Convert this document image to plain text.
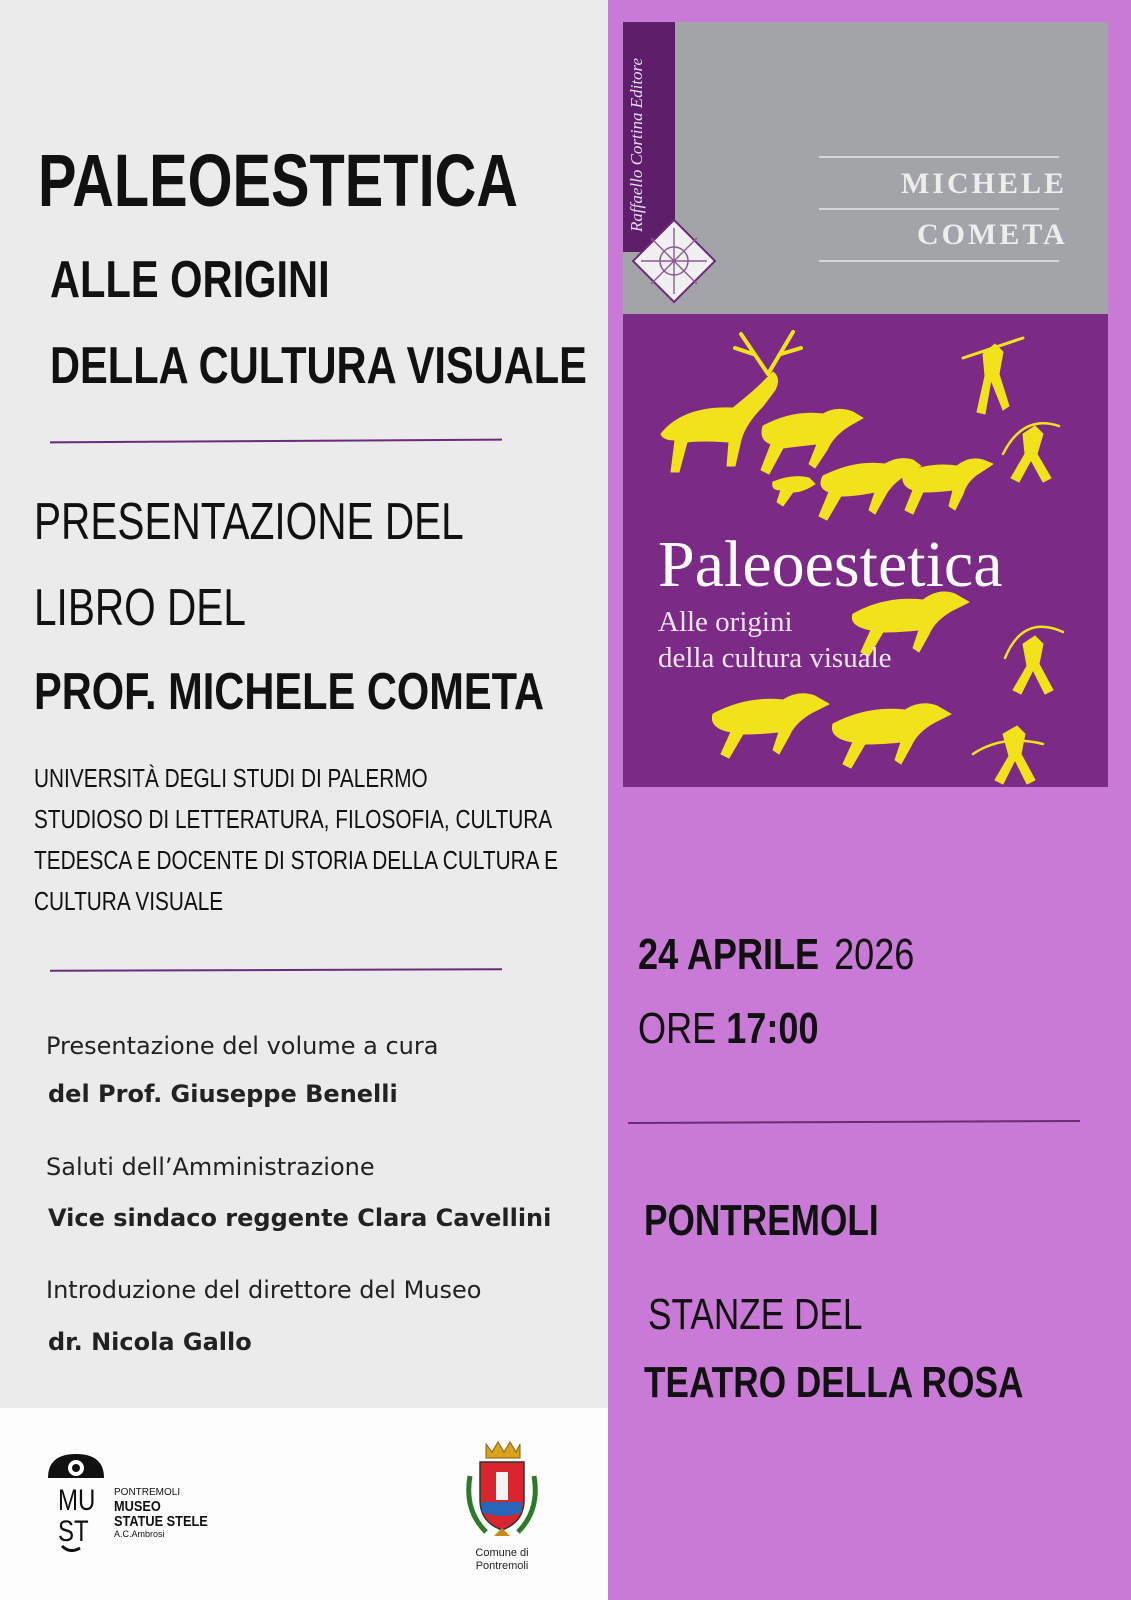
PALEOESTETICA
ALLE ORIGINI
DELLA CULTURA VISUALE
PRESENTAZIONE DEL
LIBRO DEL
PROF. MICHELE COMETA
UNIVERSITÀ DEGLI STUDI DI PALERMO
STUDIOSO DI LETTERATURA, FILOSOFIA, CULTURA
TEDESCA E DOCENTE DI STORIA DELLA CULTURA E
CULTURA VISUALE
Presentazione del volume a cura
del Prof. Giuseppe Benelli
Saluti dell’Amministrazione
Vice sindaco reggente Clara Cavellini
Introduzione del direttore del Museo
dr. Nicola Gallo
Raffaello Cortina Editore	MICHELE
COMETA
Paleoestetica
Alle origini
della cultura visuale
24 APRILE 2026
ORE 17:00
PONTREMOLI
STANZE DEL
TEATRO DELLA ROSA
MU
ST
PONTREMOLI
MUSEO
STATUE STELE
A.C.Ambrosi
Comune di
Pontremoli
